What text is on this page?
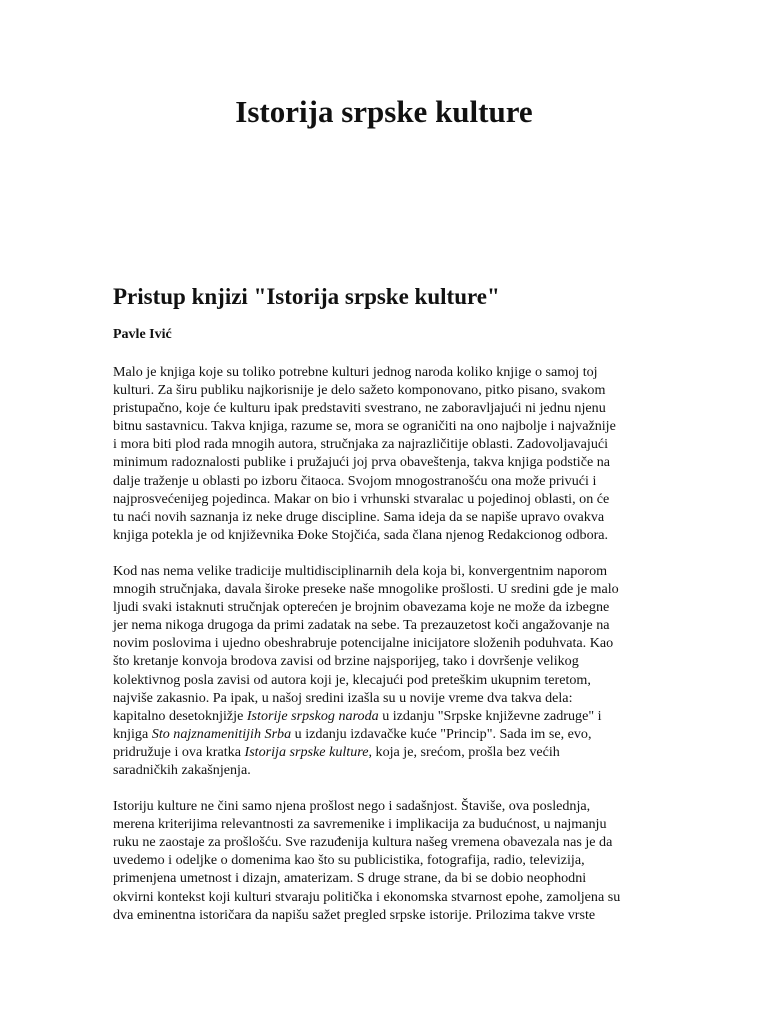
Istorija srpske kulture
Pristup knjizi "Istorija srpske kulture"
Pavle Ivić

Malo je knjiga koje su toliko potrebne kulturi jednog naroda koliko knjige o samoj toj
kulturi. Za širu publiku najkorisnije je delo sažeto komponovano, pitko pisano, svakom
pristupačno, koje će kulturu ipak predstaviti svestrano, ne zaboravljajući ni jednu njenu
bitnu sastavnicu. Takva knjiga, razume se, mora se ograničiti na ono najbolje i najvažnije
i mora biti plod rada mnogih autora, stručnjaka za najrazličitije oblasti. Zadovoljavajući
minimum radoznalosti publike i pružajući joj prva obaveštenja, takva knjiga podstiče na
dalje traženje u oblasti po izboru čitaoca. Svojom mnogostranošću ona može privući i
najprosvećenijeg pojedinca. Makar on bio i vrhunski stvaralac u pojedinoj oblasti, on će
tu naći novih saznanja iz neke druge discipline. Sama ideja da se napiše upravo ovakva
knjiga potekla je od književnika Đoke Stojčića, sada člana njenog Redakcionog odbora.

Kod nas nema velike tradicije multidisciplinarnih dela koja bi, konvergentnim naporom
mnogih stručnjaka, davala široke preseke naše mnogolike prošlosti. U sredini gde je malo
ljudi svaki istaknuti stručnjak opterećen je brojnim obavezama koje ne može da izbegne
jer nema nikoga drugoga da primi zadatak na sebe. Ta prezauzetost koči angažovanje na
novim poslovima i ujedno obeshrabruje potencijalne inicijatore složenih poduhvata. Kao
što kretanje konvoja brodova zavisi od brzine najsporijeg, tako i dovršenje velikog
kolektivnog posla zavisi od autora koji je, klecajući pod preteškim ukupnim teretom,
najviše zakasnio. Pa ipak, u našoj sredini izašla su u novije vreme dva takva dela:
kapitalno desetoknjižje Istorije srpskog naroda u izdanju "Srpske književne zadruge" i
knjiga Sto najznamenitijih Srba u izdanju izdavačke kuće "Princip". Sada im se, evo,
pridružuje i ova kratka Istorija srpske kulture, koja je, srećom, prošla bez većih
saradničkih zakašnjenja.

Istoriju kulture ne čini samo njena prošlost nego i sadašnjost. Štaviše, ova poslednja,
merena kriterijima relevantnosti za savremenike i implikacija za budućnost, u najmanju
ruku ne zaostaje za prošlošću. Sve razuđenija kultura našeg vremena obavezala nas je da
uvedemo i odeljke o domenima kao što su publicistika, fotografija, radio, televizija,
primenjena umetnost i dizajn, amaterizam. S druge strane, da bi se dobio neophodni
okvirni kontekst koji kulturi stvaraju politička i ekonomska stvarnost epohe, zamoljena su
dva eminentna istoričara da napišu sažet pregled srpske istorije. Prilozima takve vrste
